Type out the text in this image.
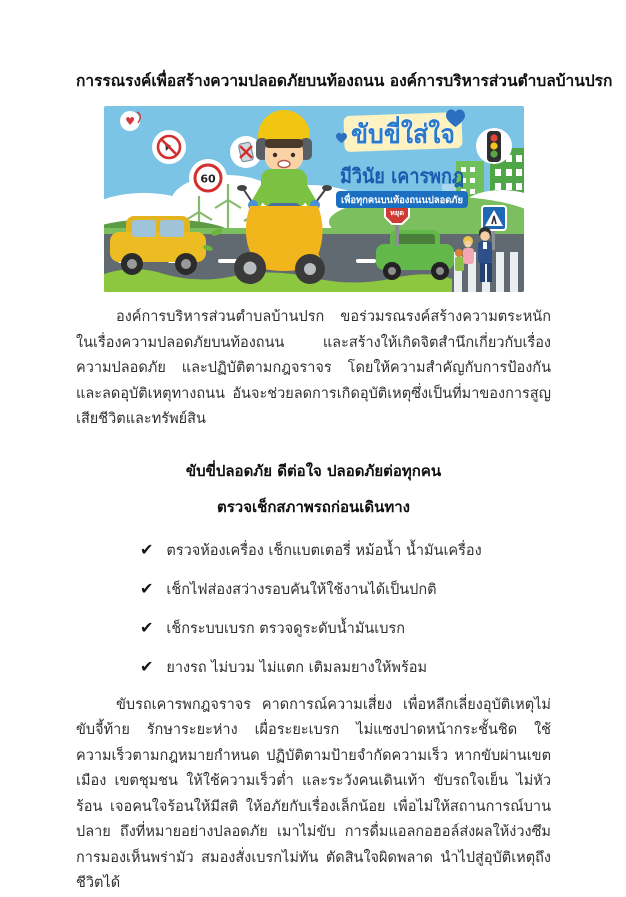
การรณรงค์เพื่อสร้างความปลอดภัยบนท้องถนน องค์การบริหารส่วนตำบลบ้านปรก
♥
60
หยุด
ขับขี่ใส่ใจ
มีวินัย เคารพกฎ
เพื่อทุกคนบนท้องถนนปลอดภัย

องค์การบริหารส่วนตำบลบ้านปรก ขอร่วมรณรงค์สร้างความตระหนักในเรื่องความปลอดภัยบนท้องถนน และสร้างให้เกิดจิตสำนึกเกี่ยวกับเรื่องความปลอดภัย และปฏิบัติตามกฎจราจร โดยให้ความสำคัญกับการป้องกัน และลดอุบัติเหตุทางถนน อันจะช่วยลดการเกิดอุบัติเหตุซึ่งเป็นที่มาของการสูญเสียชีวิตและทรัพย์สิน

ขับขี่ปลอดภัย ดีต่อใจ ปลอดภัยต่อทุกคน
ตรวจเช็กสภาพรถก่อนเดินทาง
✔ ตรวจห้องเครื่อง เช็กแบตเตอรี่ หม้อน้ำ น้ำมันเครื่อง
✔ เช็กไฟส่องสว่างรอบคันให้ใช้งานได้เป็นปกติ
✔ เช็กระบบเบรก ตรวจดูระดับน้ำมันเบรก
✔ ยางรถ ไม่บวม ไม่แตก เติมลมยางให้พร้อม

ขับรถเคารพกฎจราจร คาดการณ์ความเสี่ยง เพื่อหลีกเลี่ยงอุบัติเหตุไม่ขับจี้ท้าย รักษาระยะห่าง เผื่อระยะเบรก ไม่แซงปาดหน้ากระชั้นชิด ใช้ความเร็วตามกฎหมายกำหนด ปฏิบัติตามป้ายจำกัดความเร็ว หากขับผ่านเขตเมือง เขตชุมชน ให้ใช้ความเร็วต่ำ และระวังคนเดินเท้า ขับรถใจเย็น ไม่หัวร้อน เจอคนใจร้อนให้มีสติ ให้อภัยกับเรื่องเล็กน้อย เพื่อไม่ให้สถานการณ์บานปลาย ถึงที่หมายอย่างปลอดภัย เมาไม่ขับ การดื่มแอลกอฮอล์ส่งผลให้ง่วงซึม การมองเห็นพร่ามัว สมองสั่งเบรกไม่ทัน ตัดสินใจผิดพลาด นำไปสู่อุบัติเหตุถึงชีวิตได้
